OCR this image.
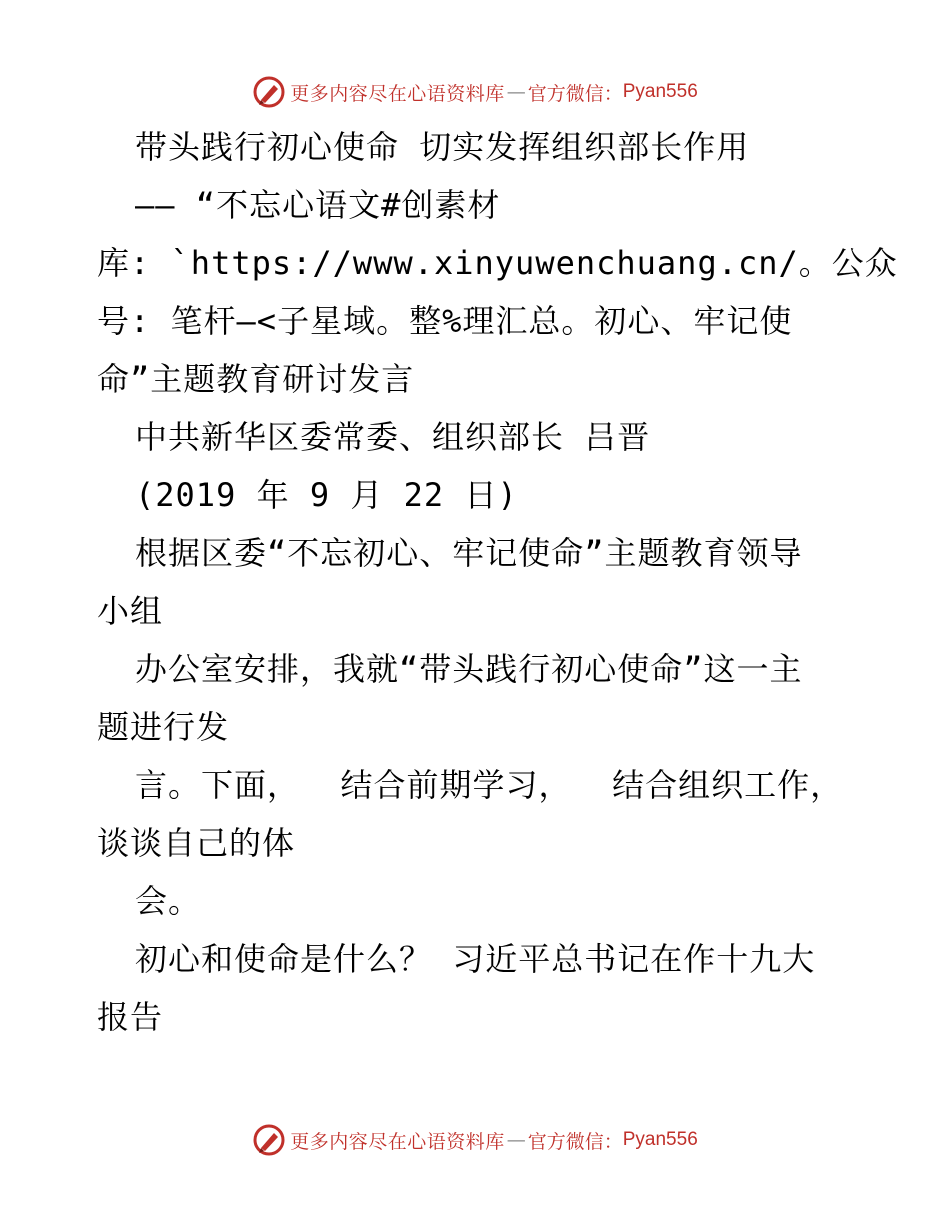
更多内容尽在心语资料库 — 官方微信： Pyan556
带头践行初心使命 切实发挥组织部长作用
—— “不忘心语文#创素材
库: `https://www.xinyuwenchuang.cn/。公众
号: 笔杆—<子星域。整%理汇总。初心、牢记使
命”主题教育研讨发言
中共新华区委常委、组织部长 吕晋
(2019 年 9 月 22 日)
根据区委“不忘初心、牢记使命”主题教育领导
小组
办公室安排，我就“带头践行初心使命”这一主
题进行发
言。下面，  结合前期学习，  结合组织工作，
谈谈自己的体
会。
初心和使命是什么？ 习近平总书记在作十九大
报告
更多内容尽在心语资料库 — 官方微信： Pyan556
